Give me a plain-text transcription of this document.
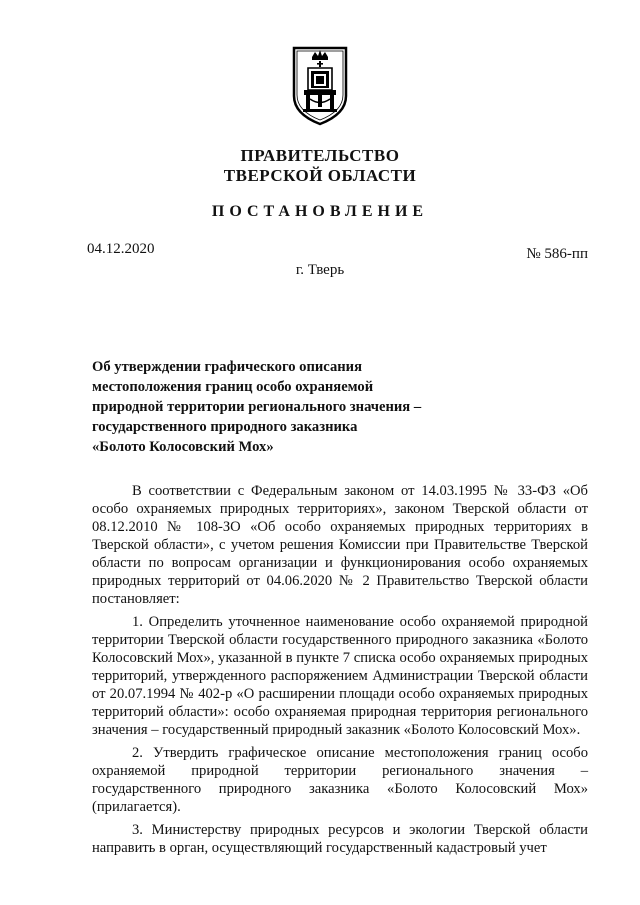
ПРАВИТЕЛЬСТВО
ТВЕРСКОЙ ОБЛАСТИ
ПОСТАНОВЛЕНИЕ
04.12.2020	№ 586-пп
г. Тверь
Об утверждении графического описания
местоположения границ особо охраняемой
природной территории регионального значения –
государственного природного заказника
«Болото Колосовский Мох»

В соответствии с Федеральным законом от 14.03.1995 № 33-ФЗ «Об особо охраняемых природных территориях», законом Тверской области от 08.12.2010 № 108-ЗО «Об особо охраняемых природных территориях в Тверской области», с учетом решения Комиссии при Правительстве Тверской области по вопросам организации и функционирования особо охраняемых природных территорий от 04.06.2020 № 2 Правительство Тверской области постановляет:

1. Определить уточненное наименование особо охраняемой природной территории Тверской области государственного природного заказника «Болото Колосовский Мох», указанной в пункте 7 списка особо охраняемых природных территорий, утвержденного распоряжением Администрации Тверской области от 20.07.1994 № 402-р «О расширении площади особо охраняемых природных территорий области»: особо охраняемая природная территория регионального значения – государственный природный заказник «Болото Колосовский Мох».

2. Утвердить графическое описание местоположения границ особо охраняемой природной территории регионального значения – государственного природного заказника «Болото Колосовский Мох» (прилагается).

3. Министерству природных ресурсов и экологии Тверской области направить в орган, осуществляющий государственный кадастровый учет
